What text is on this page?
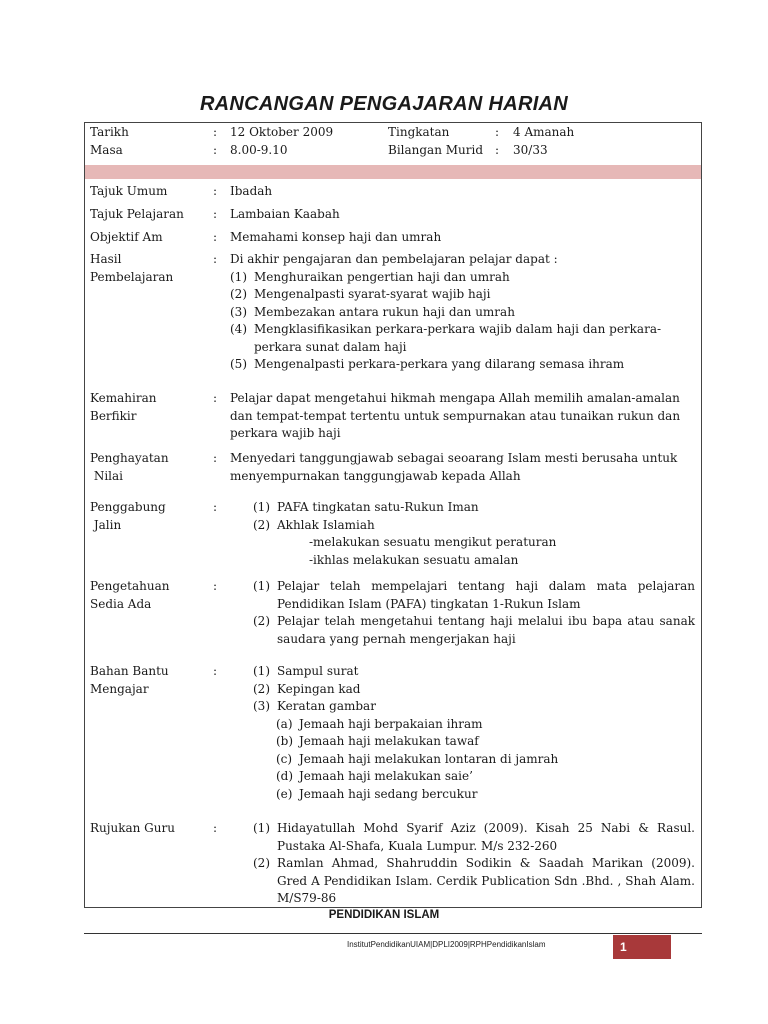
RANCANGAN PENGAJARAN HARIAN
Tarikh	: 12 Oktober 2009	Tingkatan	: 4 Amanah
Masa	: 8.00-9.10	Bilangan Murid : 30/33
Tajuk Umum	: Ibadah
Tajuk Pelajaran	: Lambaian Kaabah
Objektif Am	: Memahami konsep haji dan umrah
Hasil
Pembelajaran
: Di akhir pengajaran dan pembelajaran pelajar dapat :
(1) Menghuraikan pengertian haji dan umrah
(2) Mengenalpasti syarat-syarat wajib haji
(3) Membezakan antara rukun haji dan umrah
(4) Mengklasifikasikan perkara-perkara wajib dalam haji dan perkara-perkara sunat dalam haji
(5) Mengenalpasti perkara-perkara yang dilarang semasa ihram
Kemahiran
Berfikir
: Pelajar dapat mengetahui hikmah mengapa Allah memilih amalan-amalan dan tempat-tempat tertentu untuk sempurnakan atau tunaikan rukun dan perkara wajib haji
Penghayatan
Nilai
: Menyedari tanggungjawab sebagai seoarang Islam mesti berusaha untuk menyempurnakan tanggungjawab kepada Allah
Penggabung
Jalin
:	(1) PAFA tingkatan satu-Rukun Iman
(2) Akhlak Islamiah
-melakukan sesuatu mengikut peraturan
-ikhlas melakukan sesuatu amalan
Pengetahuan
Sedia Ada
:	(1) Pelajar telah mempelajari tentang haji dalam mata pelajaran Pendidikan Islam (PAFA) tingkatan 1-Rukun Islam
(2) Pelajar telah mengetahui tentang haji melalui ibu bapa atau sanak saudara yang pernah mengerjakan haji
Bahan Bantu
Mengajar
:	(1) Sampul surat
(2) Kepingan kad
(3) Keratan gambar
(a) Jemaah haji berpakaian ihram
(b) Jemaah haji melakukan tawaf
(c) Jemaah haji melakukan lontaran di jamrah
(d) Jemaah haji melakukan saie’
(e) Jemaah haji sedang bercukur
Rujukan Guru	:	(1) Hidayatullah Mohd Syarif Aziz (2009). Kisah 25 Nabi & Rasul. Pustaka Al-Shafa, Kuala Lumpur. M/s 232-260
(2) Ramlan Ahmad, Shahruddin Sodikin & Saadah Marikan (2009). Gred A Pendidikan Islam. Cerdik Publication Sdn .Bhd. , Shah Alam. M/S79-86
PENDIDIKAN ISLAM
InstitutPendidikanUIAM|DPLI2009|RPHPendidikanIslam	1
